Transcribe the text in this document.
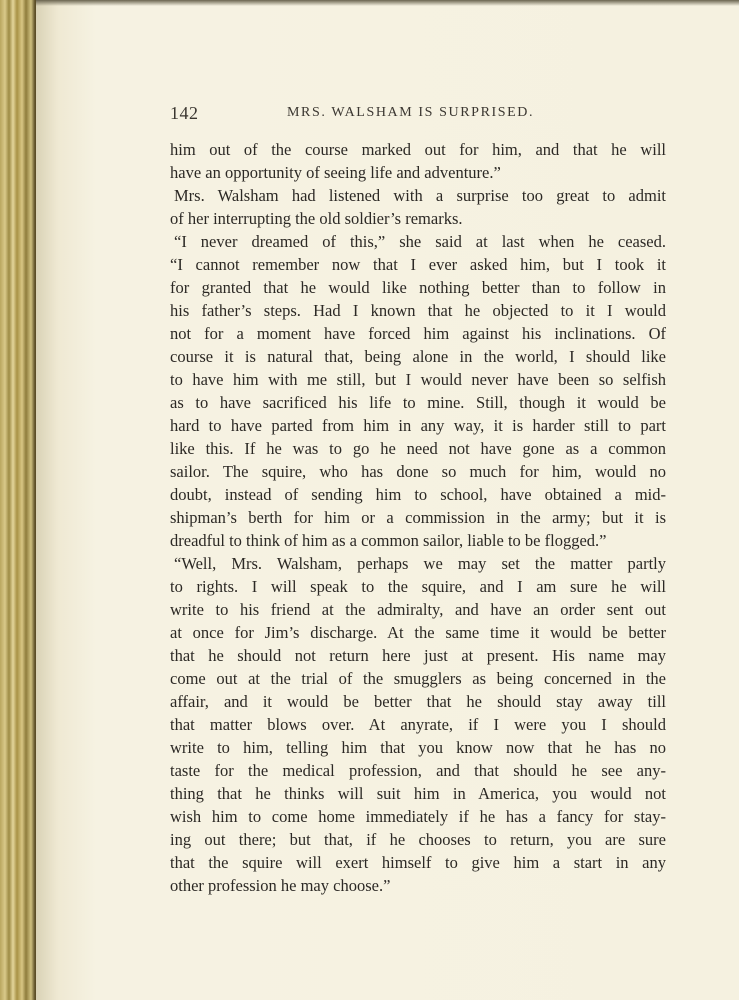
142	MRS. WALSHAM IS SURPRISED.
him out of the course marked out for him, and that he will
have an opportunity of seeing life and adventure.”
Mrs. Walsham had listened with a surprise too great to admit
of her interrupting the old soldier’s remarks.
“I never dreamed of this,” she said at last when he ceased.
“I cannot remember now that I ever asked him, but I took it
for granted that he would like nothing better than to follow in
his father’s steps. Had I known that he objected to it I would
not for a moment have forced him against his inclinations. Of
course it is natural that, being alone in the world, I should like
to have him with me still, but I would never have been so selfish
as to have sacrificed his life to mine. Still, though it would be
hard to have parted from him in any way, it is harder still to part
like this. If he was to go he need not have gone as a common
sailor. The squire, who has done so much for him, would no
doubt, instead of sending him to school, have obtained a mid-
shipman’s berth for him or a commission in the army; but it is
dreadful to think of him as a common sailor, liable to be flogged.”
“Well, Mrs. Walsham, perhaps we may set the matter partly
to rights. I will speak to the squire, and I am sure he will
write to his friend at the admiralty, and have an order sent out
at once for Jim’s discharge. At the same time it would be better
that he should not return here just at present. His name may
come out at the trial of the smugglers as being concerned in the
affair, and it would be better that he should stay away till
that matter blows over. At anyrate, if I were you I should
write to him, telling him that you know now that he has no
taste for the medical profession, and that should he see any-
thing that he thinks will suit him in America, you would not
wish him to come home immediately if he has a fancy for stay-
ing out there; but that, if he chooses to return, you are sure
that the squire will exert himself to give him a start in any
other profession he may choose.”
